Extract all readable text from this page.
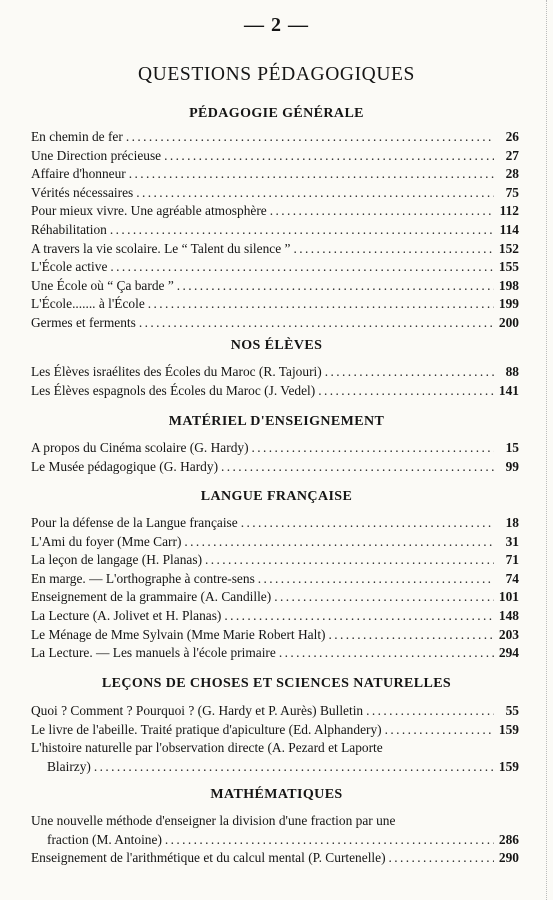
— 2 —
QUESTIONS PÉDAGOGIQUES
PÉDAGOGIE GÉNÉRALE
En chemin de fer .....	26
Une Direction précieuse .....	27
Affaire d'honneur .....	28
Vérités nécessaires .....	75
Pour mieux vivre. Une agréable atmosphère .....	112
Réhabilitation .....	114
A travers la vie scolaire. Le “ Talent du silence ” .....	152
L'École active .....	155
Une École où “ Ça barde ” .....	198
L'École....... à l'École .....	199
Germes et ferments .....	200
NOS ÉLÈVES
Les Élèves israélites des Écoles du Maroc (R. Tajouri) .....	88
Les Élèves espagnols des Écoles du Maroc (J. Vedel) .....	141
MATÉRIEL D'ENSEIGNEMENT
A propos du Cinéma scolaire (G. Hardy) .....	15
Le Musée pédagogique (G. Hardy) .....	99
LANGUE FRANÇAISE
Pour la défense de la Langue française .....	18
L'Ami du foyer (Mme Carr) .....	31
La leçon de langage (H. Planas) .....	71
En marge. — L'orthographe à contre-sens .....	74
Enseignement de la grammaire (A. Candille) .....	101
La Lecture (A. Jolivet et H. Planas) .....	148
Le Ménage de Mme Sylvain (Mme Marie Robert Halt) .....	203
La Lecture. — Les manuels à l'école primaire .....	294
LEÇONS DE CHOSES ET SCIENCES NATURELLES
Quoi ? Comment ? Pourquoi ? (G. Hardy et P. Aurès) Bulletin .....	55
Le livre de l'abeille. Traité pratique d'apiculture (Ed. Alphandery) .....	159
L'histoire naturelle par l'observation directe (A. Pezard et Laporte
Blairzy) .....	159
MATHÉMATIQUES
Une nouvelle méthode d'enseigner la division d'une fraction par une
fraction (M. Antoine) .....	286
Enseignement de l'arithmétique et du calcul mental (P. Curtenelle) .....	290
